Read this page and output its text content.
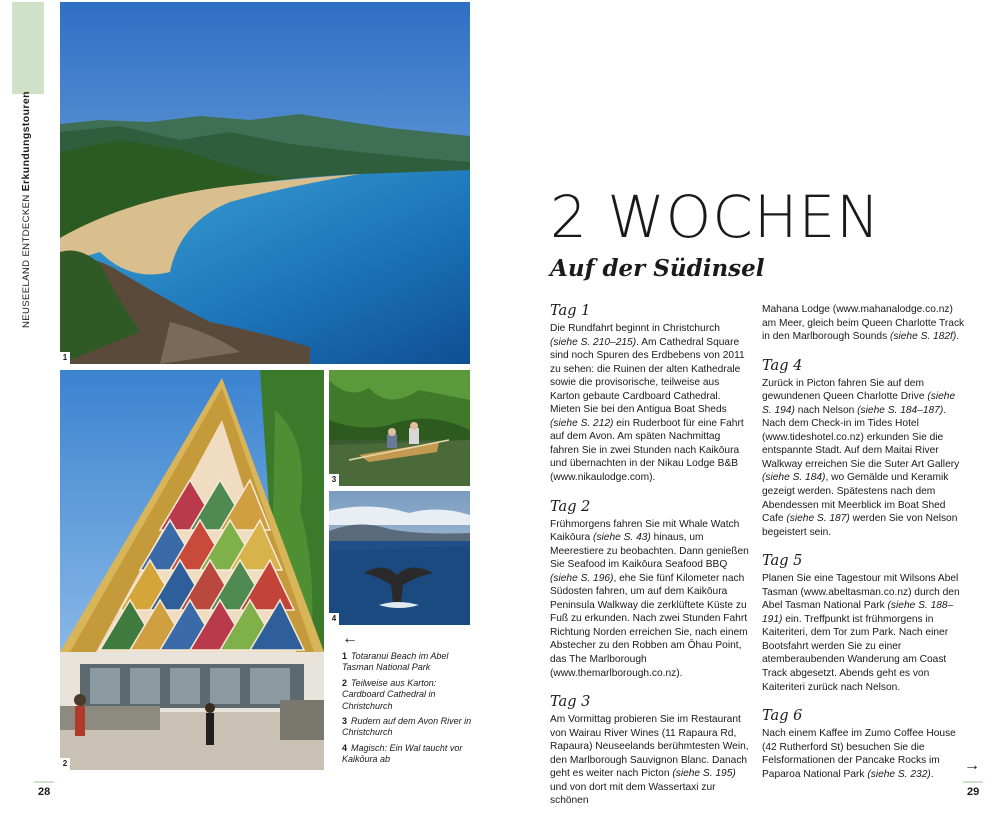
NEUSEELAND ENTDECKENErkundungstouren
1
2
3
4
←
1 Totaranui Beach im Abel Tasman National Park
2 Teilweise aus Karton: Cardboard Cathedral in Christchurch
3 Rudern auf dem Avon River in Christchurch
4 Magisch: Ein Wal taucht vor Kaikōura ab
28
2 WOCHEN
Auf der Südinsel
Tag 1

Die Rundfahrt beginnt in Christchurch (siehe S. 210–215). Am Cathedral Square sind noch Spuren des Erdbebens von 2011 zu sehen: die Ruinen der alten Kathedrale sowie die provisorische, teilweise aus Karton gebaute Cardboard Cathedral. Mieten Sie bei den Antigua Boat Sheds (siehe S. 212) ein Ruderboot für eine Fahrt auf dem Avon. Am späten Nachmittag fahren Sie in zwei Stunden nach Kaikōura und übernachten in der Nikau Lodge B&B (www.nikaulodge.com).

Tag 2

Frühmorgens fahren Sie mit Whale Watch Kaikōura (siehe S. 43) hinaus, um Meerestiere zu beobachten. Dann genießen Sie Seafood im Kaikōura Seafood BBQ (siehe S. 196), ehe Sie fünf Kilometer nach Südosten fahren, um auf dem Kaikōura Peninsula Walkway die zerklüftete Küste zu Fuß zu erkunden. Nach zwei Stunden Fahrt Richtung Norden erreichen Sie, nach einem Abstecher zu den Robben am Ōhau Point, das The Marlborough (www.themarlborough.co.nz).

Tag 3

Am Vormittag probieren Sie im Restaurant von Wairau River Wines (11 Rapaura Rd, Rapaura) Neuseelands berühmtesten Wein, den Marlborough Sauvignon Blanc. Danach geht es weiter nach Picton (siehe S. 195) und von dort mit dem Wassertaxi zur schönen

Mahana Lodge (www.mahanalodge.co.nz) am Meer, gleich beim Queen Charlotte Track in den Marlborough Sounds (siehe S. 182f).

Tag 4

Zurück in Picton fahren Sie auf dem gewundenen Queen Charlotte Drive (siehe S. 194) nach Nelson (siehe S. 184–187). Nach dem Check-in im Tides Hotel (www.tideshotel.co.nz) erkunden Sie die entspannte Stadt. Auf dem Maitai River Walkway erreichen Sie die Suter Art Gallery (siehe S. 184), wo Gemälde und Keramik gezeigt werden. Spätestens nach dem Abendessen mit Meerblick im Boat Shed Cafe (siehe S. 187) werden Sie von Nelson begeistert sein.

Tag 5

Planen Sie eine Tagestour mit Wilsons Abel Tasman (www.abeltasman.co.nz) durch den Abel Tasman National Park (siehe S. 188–191) ein. Treffpunkt ist frühmorgens in Kaiteriteri, dem Tor zum Park. Nach einer Bootsfahrt werden Sie zu einer atemberaubenden Wanderung am Coast Track abgesetzt. Abends geht es von Kaiteriteri zurück nach Nelson.

Tag 6

Nach einem Kaffee im Zumo Coffee House (42 Rutherford St) besuchen Sie die Felsformationen der Pancake Rocks im Paparoa National Park (siehe S. 232).

→
29
